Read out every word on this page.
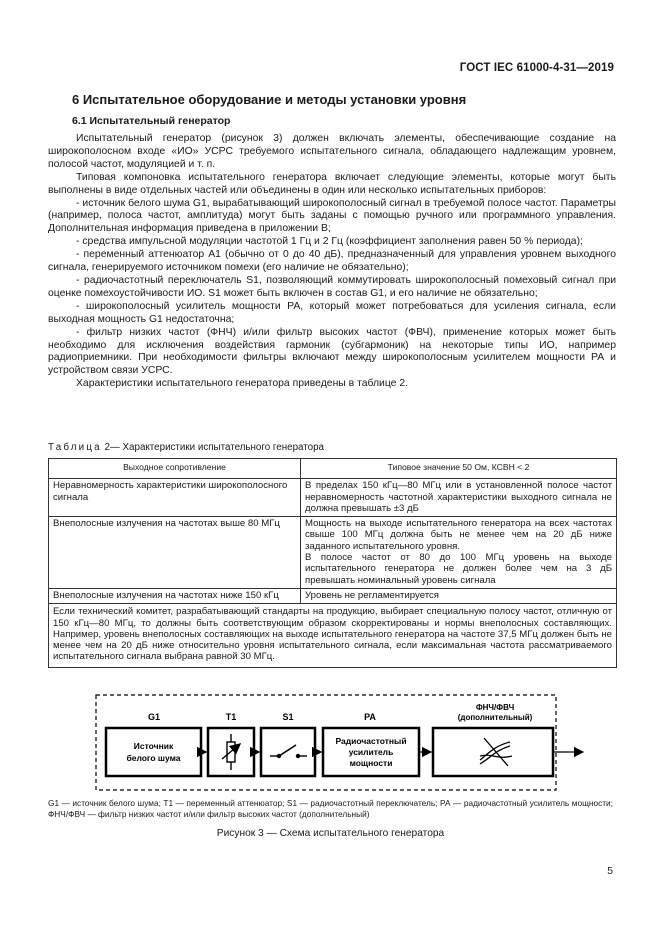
ГОСТ IEC 61000-4-31—2019
6 Испытательное оборудование и методы установки уровня
6.1 Испытательный генератор

Испытательный генератор (рисунок 3) должен включать элементы, обеспечивающие создание на широкополосном входе «ИО» УСРС требуемого испытательного сигнала, обладающего надлежащим уровнем, полосой частот, модуляцией и т. п.

Типовая компоновка испытательного генератора включает следующие элементы, которые могут быть выполнены в виде отдельных частей или объединены в один или несколько испытательных приборов:

- источник белого шума G1, вырабатывающий широкополосный сигнал в требуемой полосе частот. Параметры (например, полоса частот, амплитуда) могут быть заданы с помощью ручного или программного управления. Дополнительная информация приведена в приложении В;

- средства импульсной модуляции частотой 1 Гц и 2 Гц (коэффициент заполнения равен 50 % периода);

- переменный аттенюатор А1 (обычно от 0 до 40 дБ), предназначенный для управления уровнем выходного сигнала, генерируемого источником помехи (его наличие не обязательно);

- радиочастотный переключатель S1, позволяющий коммутировать широкополосный помеховый сигнал при оценке помехоустойчивости ИО. S1 может быть включен в состав G1, и его наличие не обязательно;

- широкополосный усилитель мощности РА, который может потребоваться для усиления сигнала, если выходная мощность G1 недостаточна;

- фильтр низких частот (ФНЧ) и/или фильтр высоких частот (ФВЧ), применение которых может быть необходимо для исключения воздействия гармоник (субгармоник) на некоторые типы ИО, например радиоприемники. При необходимости фильтры включают между широкополосным усилителем мощности РА и устройством связи УСРС.

Характеристики испытательного генератора приведены в таблице 2.

Таблица 2— Характеристики испытательного генератора
Выходное сопротивление	Типовое значение 50 Ом, КСВН < 2
Неравномерность характеристики широкополосного сигнала	В пределах 150 кГц—80 МГц или в установленной полосе частот неравномерность частотной характеристики выходного сигнала не должна превышать ±3 дБ
Внеполосные излучения на частотах выше 80 МГц	Мощность на выходе испытательного генератора на всех частотах свыше 100 МГц должна быть не менее чем на 20 дБ ниже заданного испытательного уровня.
В полосе частот от 80 до 100 МГц уровень на выходе испытательного генератора не должен более чем на 3 дБ превышать номинальный уровень сигнала
Внеполосные излучения на частотах ниже 150 кГц	Уровень не регламентируется
Если технический комитет, разрабатывающий стандарты на продукцию, выбирает специальную полосу частот, отличную от 150 кГц—80 МГц, то должны быть соответствующим образом скорректированы и нормы внеполосных составляющих. Например, уровень внеполосных составляющих на выходе испытательного генератора на частоте 37,5 МГц должен быть не менее чем на 20 дБ ниже относительно уровня испытательного сигнала, если максимальная частота рассматриваемого испытательного сигнала выбрана равной 30 МГц.	
G1	T1	S1	PA
ФНЧ/ФВЧ
(дополнительный)
Источник
белого шума
Радиочастотный
усилитель
мощности
G1 — источник белого шума; Т1 — переменный аттенюатор; S1 — радиочастотный переключатель; РА — радиочастотный усилитель мощности; ФНЧ/ФВЧ — фильтр низких частот и/или фильтр высоких частот (дополнительный)
Рисунок 3 — Схема испытательного генератора
5
